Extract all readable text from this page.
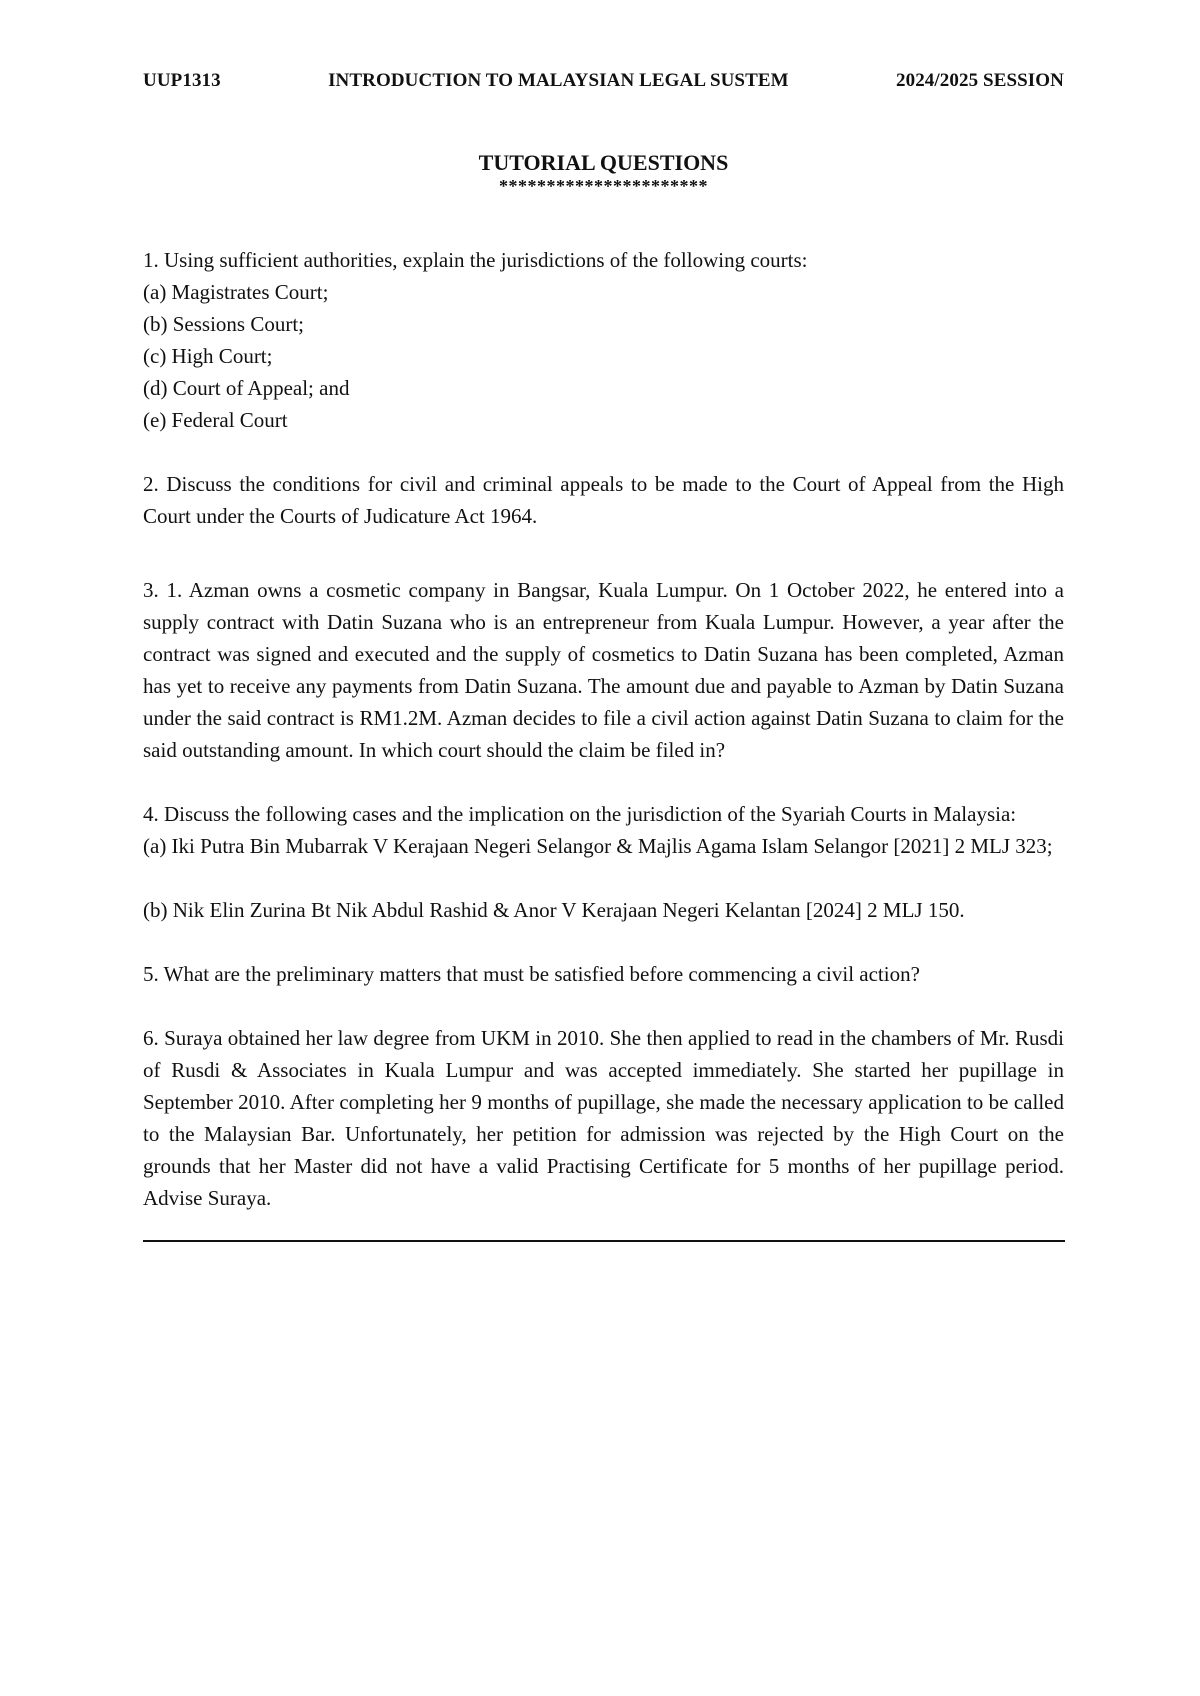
UUP1313	INTRODUCTION TO MALAYSIAN LEGAL SUSTEM	2024/2025 SESSION
TUTORIAL QUESTIONS
**********************

1. Using sufficient authorities, explain the jurisdictions of the following courts:

(a) Magistrates Court;

(b) Sessions Court;

(c) High Court;

(d) Court of Appeal; and

(e) Federal Court

2. Discuss the conditions for civil and criminal appeals to be made to the Court of Appeal from the High Court under the Courts of Judicature Act 1964.

3. 1. Azman owns a cosmetic company in Bangsar, Kuala Lumpur. On 1 October 2022, he entered into a supply contract with Datin Suzana who is an entrepreneur from Kuala Lumpur. However, a year after the contract was signed and executed and the supply of cosmetics to Datin Suzana has been completed, Azman has yet to receive any payments from Datin Suzana. The amount due and payable to Azman by Datin Suzana under the said contract is RM1.2M. Azman decides to file a civil action against Datin Suzana to claim for the said outstanding amount. In which court should the claim be filed in?

4. Discuss the following cases and the implication on the jurisdiction of the Syariah Courts in Malaysia:

(a) Iki Putra Bin Mubarrak V Kerajaan Negeri Selangor & Majlis Agama Islam Selangor [2021] 2 MLJ 323;

(b) Nik Elin Zurina Bt Nik Abdul Rashid & Anor V Kerajaan Negeri Kelantan [2024] 2 MLJ 150.

5. What are the preliminary matters that must be satisfied before commencing a civil action?

6. Suraya obtained her law degree from UKM in 2010. She then applied to read in the chambers of Mr. Rusdi of Rusdi & Associates in Kuala Lumpur and was accepted immediately. She started her pupillage in September 2010. After completing her 9 months of pupillage, she made the necessary application to be called to the Malaysian Bar. Unfortunately, her petition for admission was rejected by the High Court on the grounds that her Master did not have a valid Practising Certificate for 5 months of her pupillage period. Advise Suraya.
